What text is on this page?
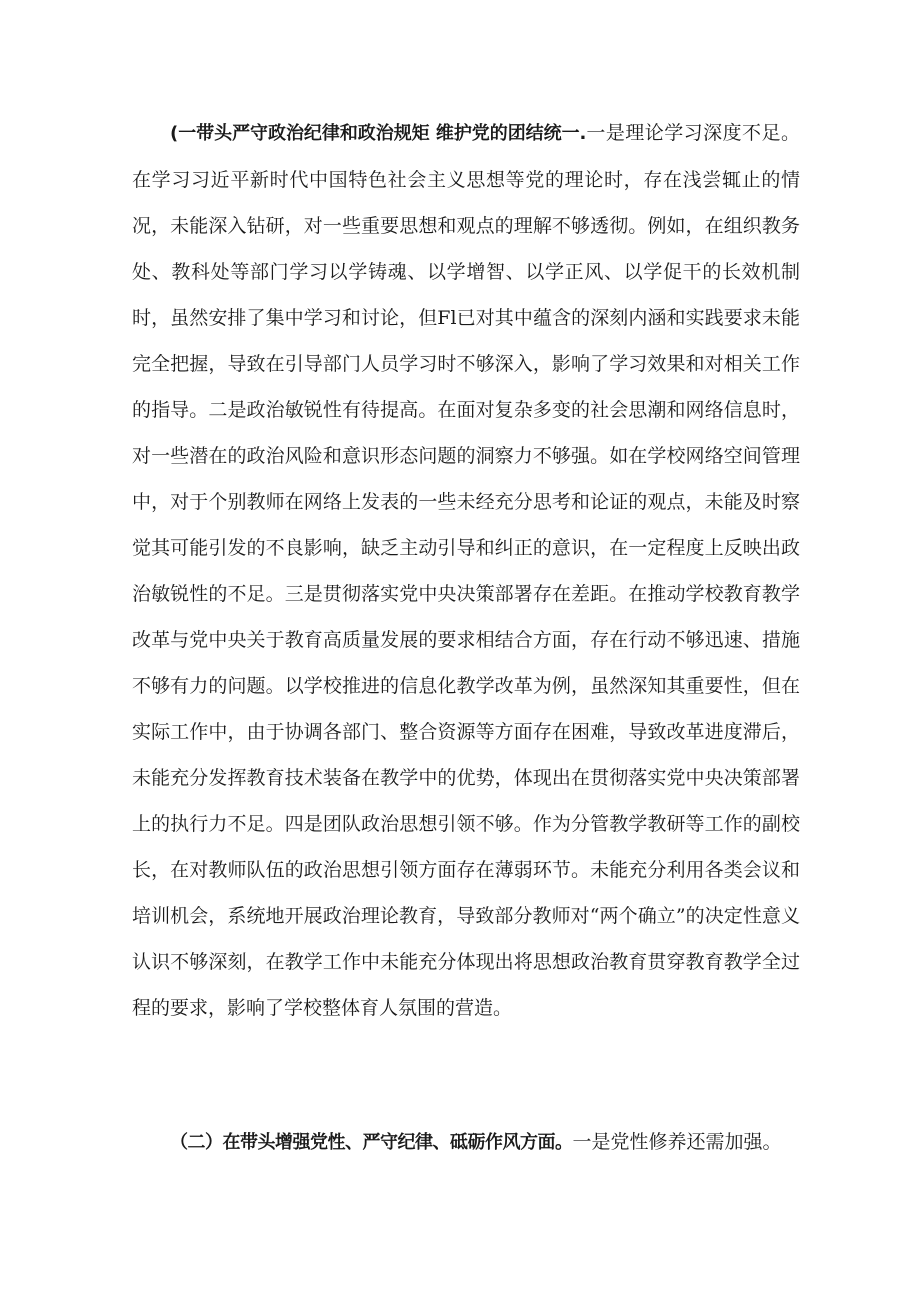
(一带头严守政治纪律和政治规矩 维护党的团结统一.一是理论学习深度不足。在学习习近平新时代中国特色社会主义思想等党的理论时，存在浅尝辄止的情况，未能深入钻研，对一些重要思想和观点的理解不够透彻。例如，在组织教务处、教科处等部门学习以学铸魂、以学增智、以学正风、以学促干的长效机制时，虽然安排了集中学习和讨论，但Fl已对其中蕴含的深刻内涵和实践要求未能完全把握，导致在引导部门人员学习时不够深入，影响了学习效果和对相关工作的指导。二是政治敏锐性有待提高。在面对复杂多变的社会思潮和网络信息时，对一些潜在的政治风险和意识形态问题的洞察力不够强。如在学校网络空间管理中，对于个别教师在网络上发表的一些未经充分思考和论证的观点，未能及时察觉其可能引发的不良影响，缺乏主动引导和纠正的意识，在一定程度上反映出政治敏锐性的不足。三是贯彻落实党中央决策部署存在差距。在推动学校教育教学改革与党中央关于教育高质量发展的要求相结合方面，存在行动不够迅速、措施不够有力的问题。以学校推进的信息化教学改革为例，虽然深知其重要性，但在实际工作中，由于协调各部门、整合资源等方面存在困难，导致改革进度滞后，未能充分发挥教育技术装备在教学中的优势，体现出在贯彻落实党中央决策部署上的执行力不足。四是团队政治思想引领不够。作为分管教学教研等工作的副校长，在对教师队伍的政治思想引领方面存在薄弱环节。未能充分利用各类会议和培训机会，系统地开展政治理论教育，导致部分教师对“两个确立”的决定性意义认识不够深刻，在教学工作中未能充分体现出将思想政治教育贯穿教育教学全过程的要求，影响了学校整体育人氛围的营造。

（二）在带头增强党性、严守纪律、砥砺作风方面。一是党性修养还需加强。
